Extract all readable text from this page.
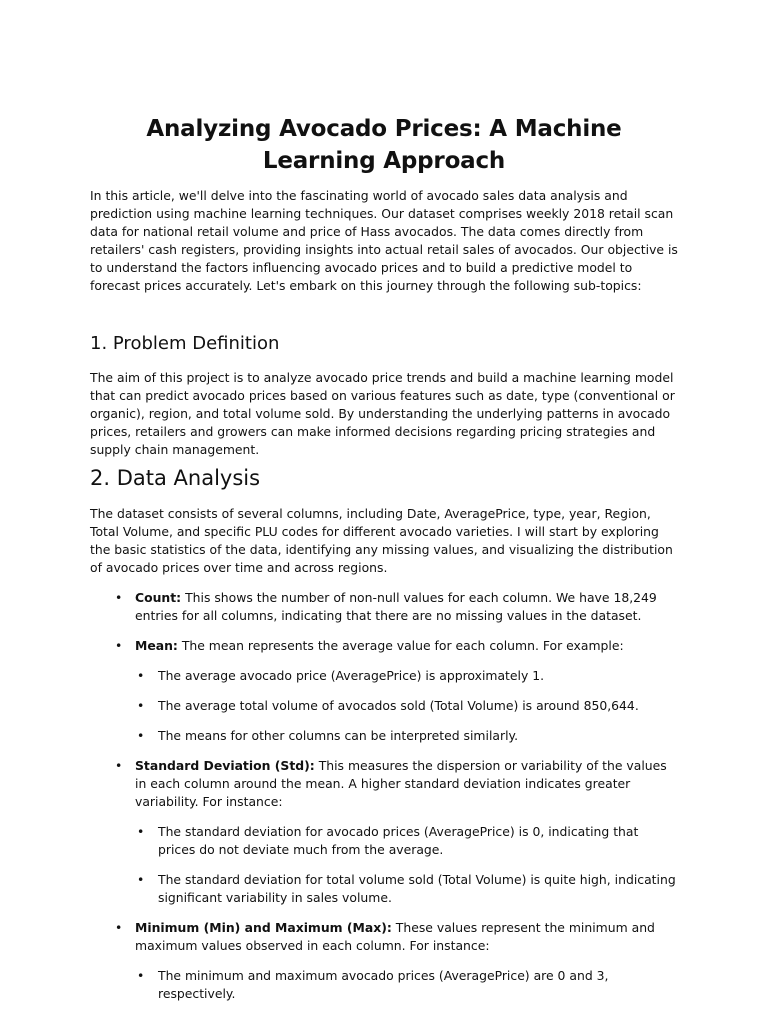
Analyzing Avocado Prices: A Machine Learning Approach

In this article, we'll delve into the fascinating world of avocado sales data analysis and prediction using machine learning techniques. Our dataset comprises weekly 2018 retail scan data for national retail volume and price of Hass avocados. The data comes directly from retailers' cash registers, providing insights into actual retail sales of avocados. Our objective is to understand the factors influencing avocado prices and to build a predictive model to forecast prices accurately. Let's embark on this journey through the following sub-topics:

1. Problem Definition

The aim of this project is to analyze avocado price trends and build a machine learning model that can predict avocado prices based on various features such as date, type (conventional or organic), region, and total volume sold. By understanding the underlying patterns in avocado prices, retailers and growers can make informed decisions regarding pricing strategies and supply chain management.

2. Data Analysis

The dataset consists of several columns, including Date, AveragePrice, type, year, Region, Total Volume, and specific PLU codes for different avocado varieties. I will start by exploring the basic statistics of the data, identifying any missing values, and visualizing the distribution of avocado prices over time and across regions.

• Count: This shows the number of non-null values for each column. We have 18,249 entries for all columns, indicating that there are no missing values in the dataset.
• Mean: The mean represents the average value for each column. For example:
• The average avocado price (AveragePrice) is approximately 1.
• The average total volume of avocados sold (Total Volume) is around 850,644.
• The means for other columns can be interpreted similarly.
• Standard Deviation (Std): This measures the dispersion or variability of the values in each column around the mean. A higher standard deviation indicates greater variability. For instance:
• The standard deviation for avocado prices (AveragePrice) is 0, indicating that prices do not deviate much from the average.
• The standard deviation for total volume sold (Total Volume) is quite high, indicating significant variability in sales volume.
• Minimum (Min) and Maximum (Max): These values represent the minimum and maximum values observed in each column. For instance:
• The minimum and maximum avocado prices (AveragePrice) are 0 and 3, respectively.
